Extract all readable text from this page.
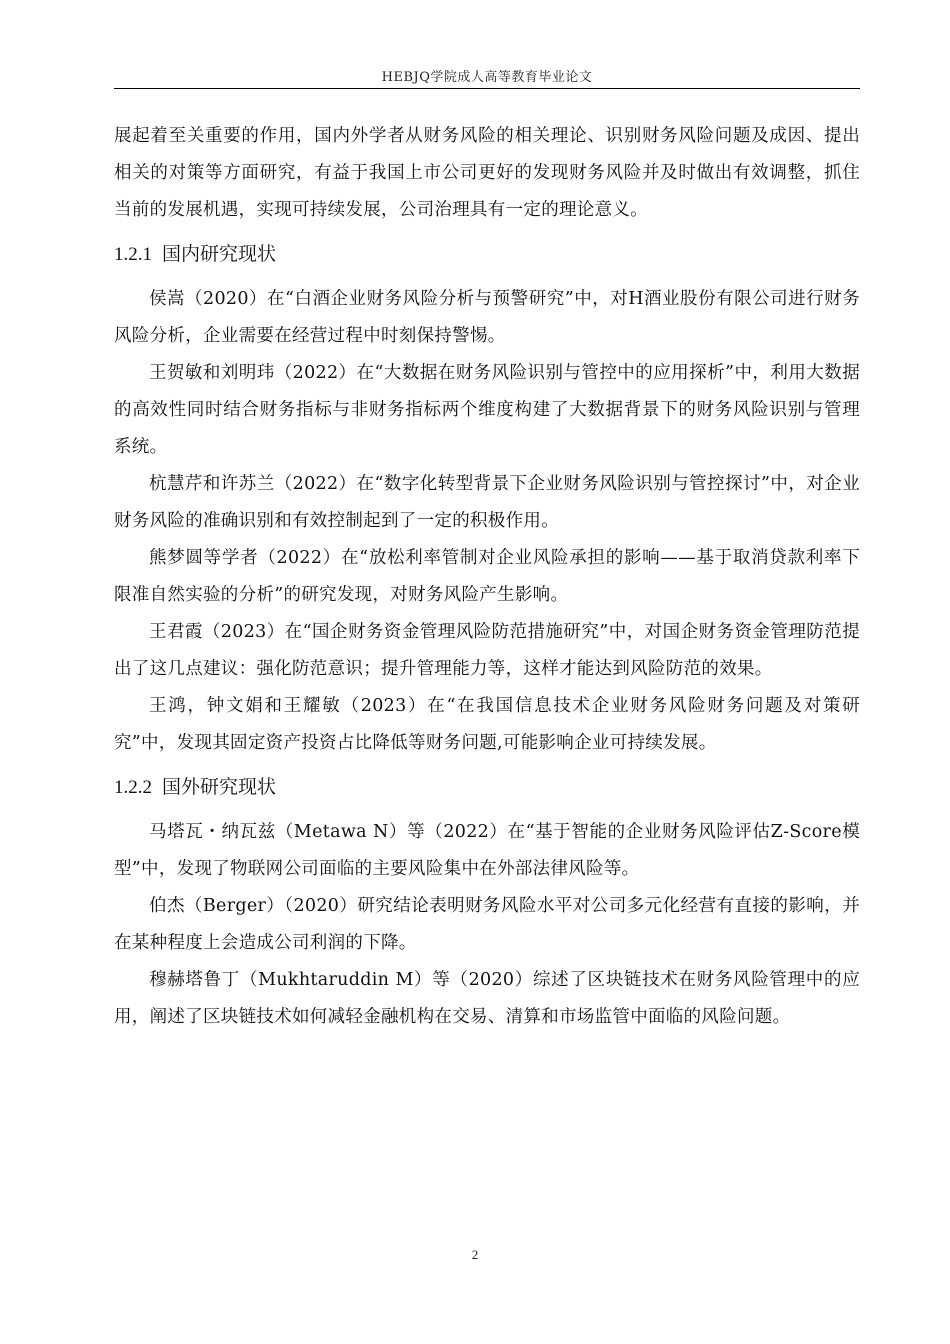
HEBJQ学院成人高等教育毕业论文

展起着至关重要的作用，国内外学者从财务风险的相关理论、识别财务风险问题及成因、提出相关的对策等方面研究，有益于我国上市公司更好的发现财务风险并及时做出有效调整，抓住当前的发展机遇，实现可持续发展，公司治理具有一定的理论意义。

1.2.1 国内研究现状

侯嵩（2020）在“白酒企业财务风险分析与预警研究”中，对H酒业股份有限公司进行财务风险分析，企业需要在经营过程中时刻保持警惕。

王贺敏和刘明玮（2022）在“大数据在财务风险识别与管控中的应用探析”中，利用大数据的高效性同时结合财务指标与非财务指标两个维度构建了大数据背景下的财务风险识别与管理系统。

杭慧芹和许苏兰（2022）在“数字化转型背景下企业财务风险识别与管控探讨”中，对企业财务风险的准确识别和有效控制起到了一定的积极作用。

熊梦圆等学者（2022）在“放松利率管制对企业风险承担的影响——基于取消贷款利率下限准自然实验的分析”的研究发现，对财务风险产生影响。

王君霞（2023）在“国企财务资金管理风险防范措施研究”中，对国企财务资金管理防范提出了这几点建议：强化防范意识；提升管理能力等，这样才能达到风险防范的效果。

王鸿，钟文娟和王耀敏（2023）在“在我国信息技术企业财务风险财务问题及对策研究”中，发现其固定资产投资占比降低等财务问题,可能影响企业可持续发展。

1.2.2 国外研究现状

马塔瓦・纳瓦兹（Metawa N）等（2022）在“基于智能的企业财务风险评估Z-Score模型”中，发现了物联网公司面临的主要风险集中在外部法律风险等。

伯杰（Berger）（2020）研究结论表明财务风险水平对公司多元化经营有直接的影响，并在某种程度上会造成公司利润的下降。

穆赫塔鲁丁（Mukhtaruddin M）等（2020）综述了区块链技术在财务风险管理中的应用，阐述了区块链技术如何减轻金融机构在交易、清算和市场监管中面临的风险问题。

2
